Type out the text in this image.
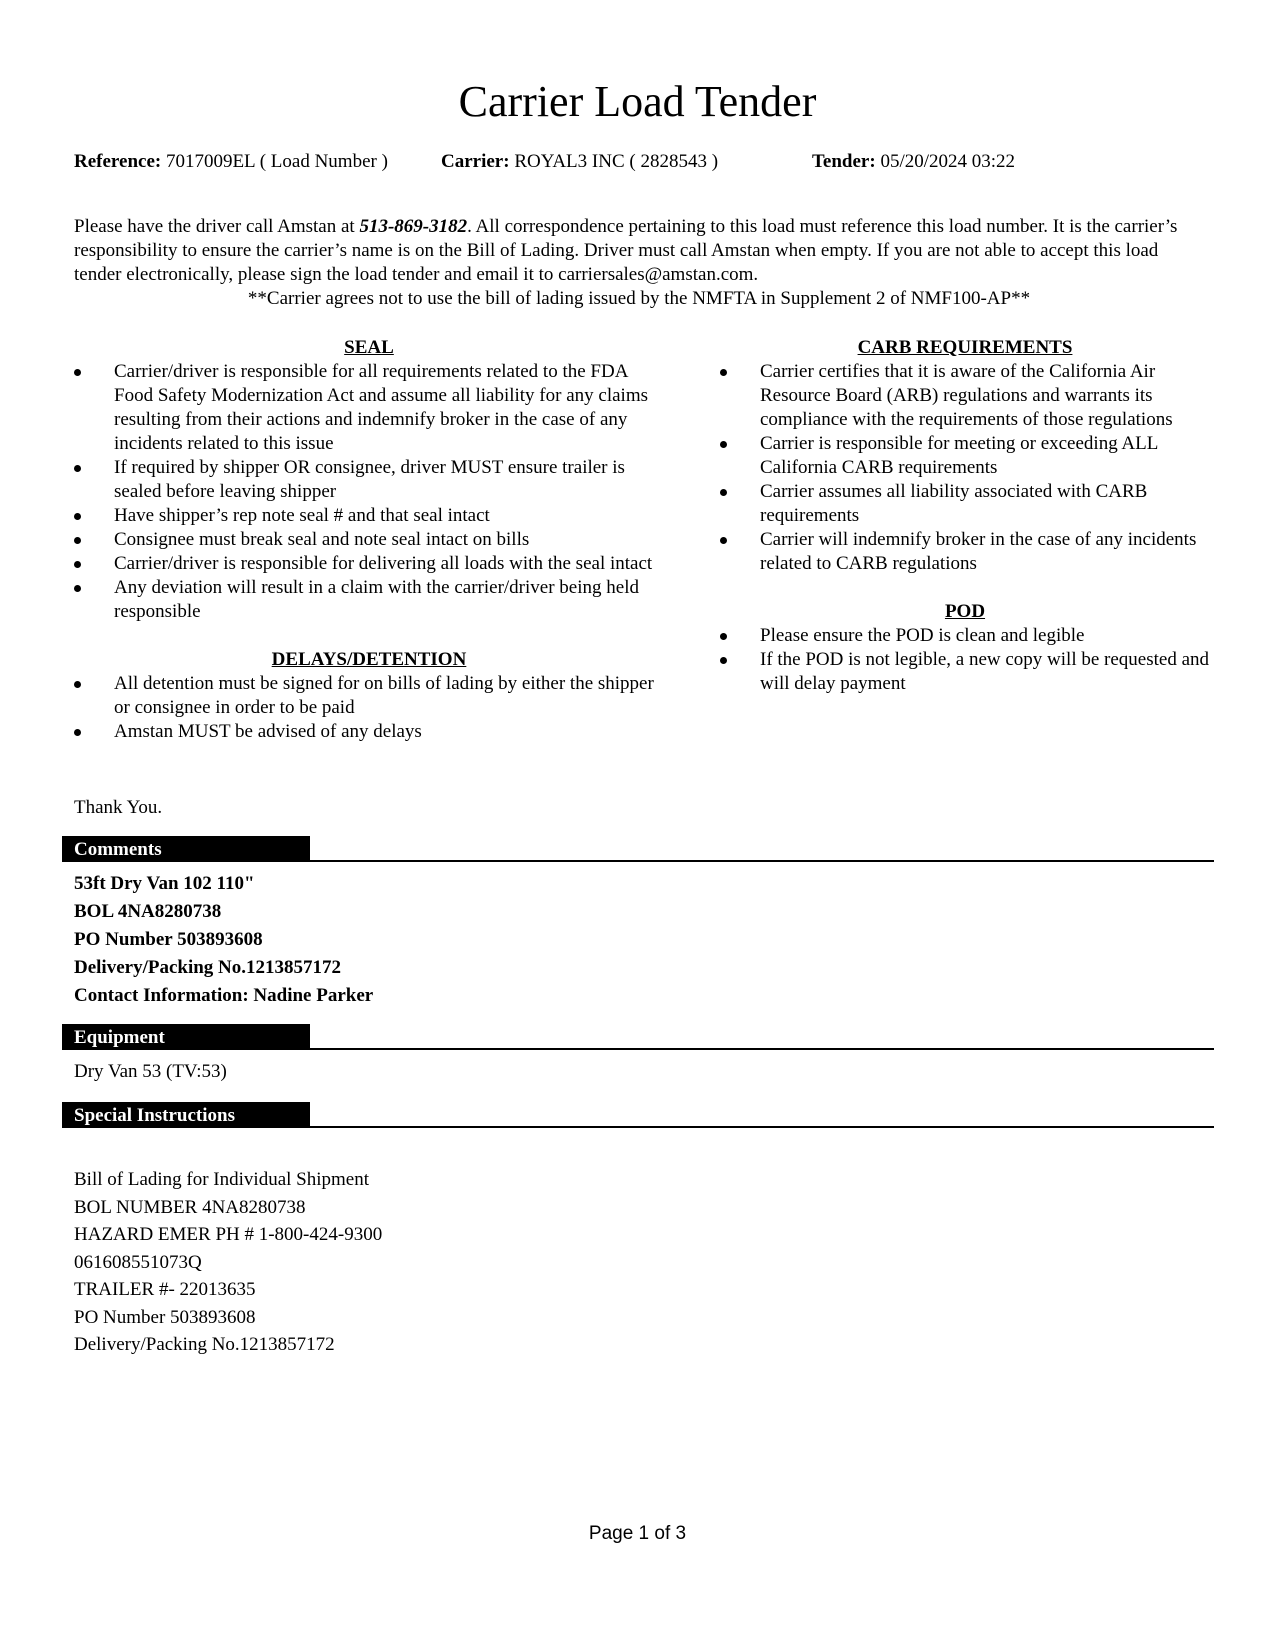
Carrier Load Tender
Reference: 7017009EL ( Load Number )	Carrier: ROYAL3 INC ( 2828543 )	Tender: 05/20/2024 03:22
Please have the driver call Amstan at 513-869-3182. All correspondence pertaining to this load must reference this load number. It is the carrier’s responsibility to ensure the carrier’s name is on the Bill of Lading. Driver must call Amstan when empty. If you are not able to accept this load tender electronically, please sign the load tender and email it to carriersales@amstan.com.
**Carrier agrees not to use the bill of lading issued by the NMFTA in Supplement 2 of NMF100-AP**
SEAL
Carrier/driver is responsible for all requirements related to the FDA Food Safety Modernization Act and assume all liability for any claims resulting from their actions and indemnify broker in the case of any incidents related to this issue
If required by shipper OR consignee, driver MUST ensure trailer is sealed before leaving shipper
Have shipper’s rep note seal # and that seal intact
Consignee must break seal and note seal intact on bills
Carrier/driver is responsible for delivering all loads with the seal intact
Any deviation will result in a claim with the carrier/driver being held responsible
DELAYS/DETENTION
All detention must be signed for on bills of lading by either the shipper or consignee in order to be paid
Amstan MUST be advised of any delays
CARB REQUIREMENTS
Carrier certifies that it is aware of the California Air Resource Board (ARB) regulations and warrants its compliance with the requirements of those regulations
Carrier is responsible for meeting or exceeding ALL California CARB requirements
Carrier assumes all liability associated with CARB requirements
Carrier will indemnify broker in the case of any incidents related to CARB regulations
POD
Please ensure the POD is clean and legible
If the POD is not legible, a new copy will be requested and will delay payment
Thank You.
Comments
53ft Dry Van 102 110"
BOL 4NA8280738
PO Number 503893608
Delivery/Packing No.1213857172
Contact Information: Nadine Parker
Equipment
Dry Van 53 (TV:53)
Special Instructions
Bill of Lading for Individual Shipment
BOL NUMBER 4NA8280738
HAZARD EMER PH # 1-800-424-9300
061608551073Q
TRAILER #- 22013635
PO Number 503893608
Delivery/Packing No.1213857172
Page 1 of 3
